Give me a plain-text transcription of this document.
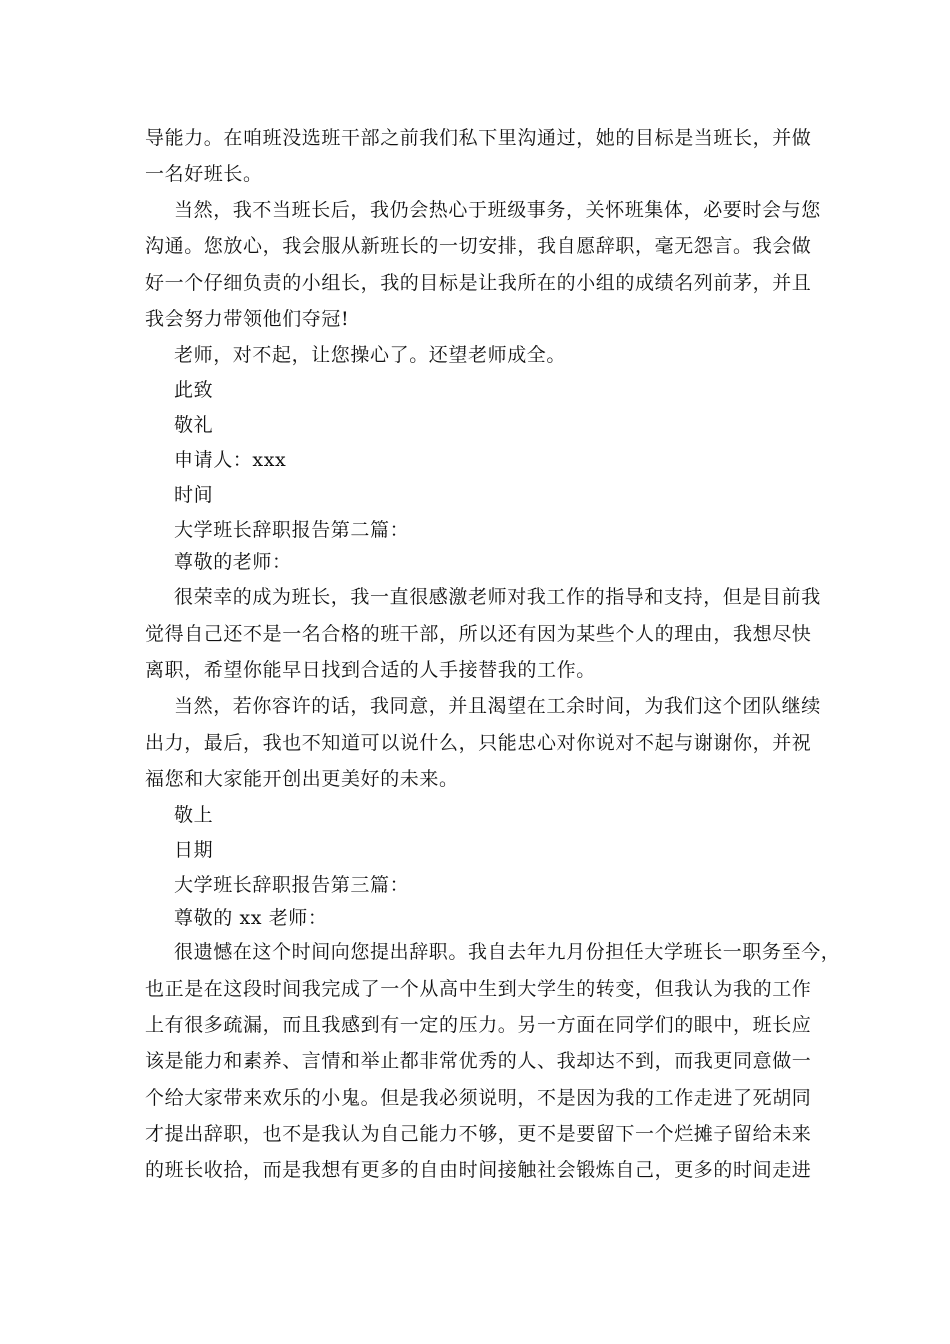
导能力。在咱班没选班干部之前我们私下里沟通过，她的目标是当班长，并做
一名好班长。
当然，我不当班长后，我仍会热心于班级事务，关怀班集体，必要时会与您
沟通。您放心，我会服从新班长的一切安排，我自愿辞职，毫无怨言。我会做
好一个仔细负责的小组长，我的目标是让我所在的小组的成绩名列前茅，并且
我会努力带领他们夺冠!
老师，对不起，让您操心了。还望老师成全。
此致
敬礼
申请人：xxx
时间
大学班长辞职报告第二篇：
尊敬的老师：
很荣幸的成为班长，我一直很感激老师对我工作的指导和支持，但是目前我
觉得自己还不是一名合格的班干部，所以还有因为某些个人的理由，我想尽快
离职，希望你能早日找到合适的人手接替我的工作。
当然，若你容许的话，我同意，并且渴望在工余时间，为我们这个团队继续
出力，最后，我也不知道可以说什么，只能忠心对你说对不起与谢谢你，并祝
福您和大家能开创出更美好的未来。
敬上
日期
大学班长辞职报告第三篇：
尊敬的 xx 老师：
很遗憾在这个时间向您提出辞职。我自去年九月份担任大学班长一职务至今，
也正是在这段时间我完成了一个从高中生到大学生的转变，但我认为我的工作
上有很多疏漏，而且我感到有一定的压力。另一方面在同学们的眼中，班长应
该是能力和素养、言情和举止都非常优秀的人、我却达不到，而我更同意做一
个给大家带来欢乐的小鬼。但是我必须说明，不是因为我的工作走进了死胡同
才提出辞职，也不是我认为自己能力不够，更不是要留下一个烂摊子留给未来
的班长收拾，而是我想有更多的自由时间接触社会锻炼自己，更多的时间走进
